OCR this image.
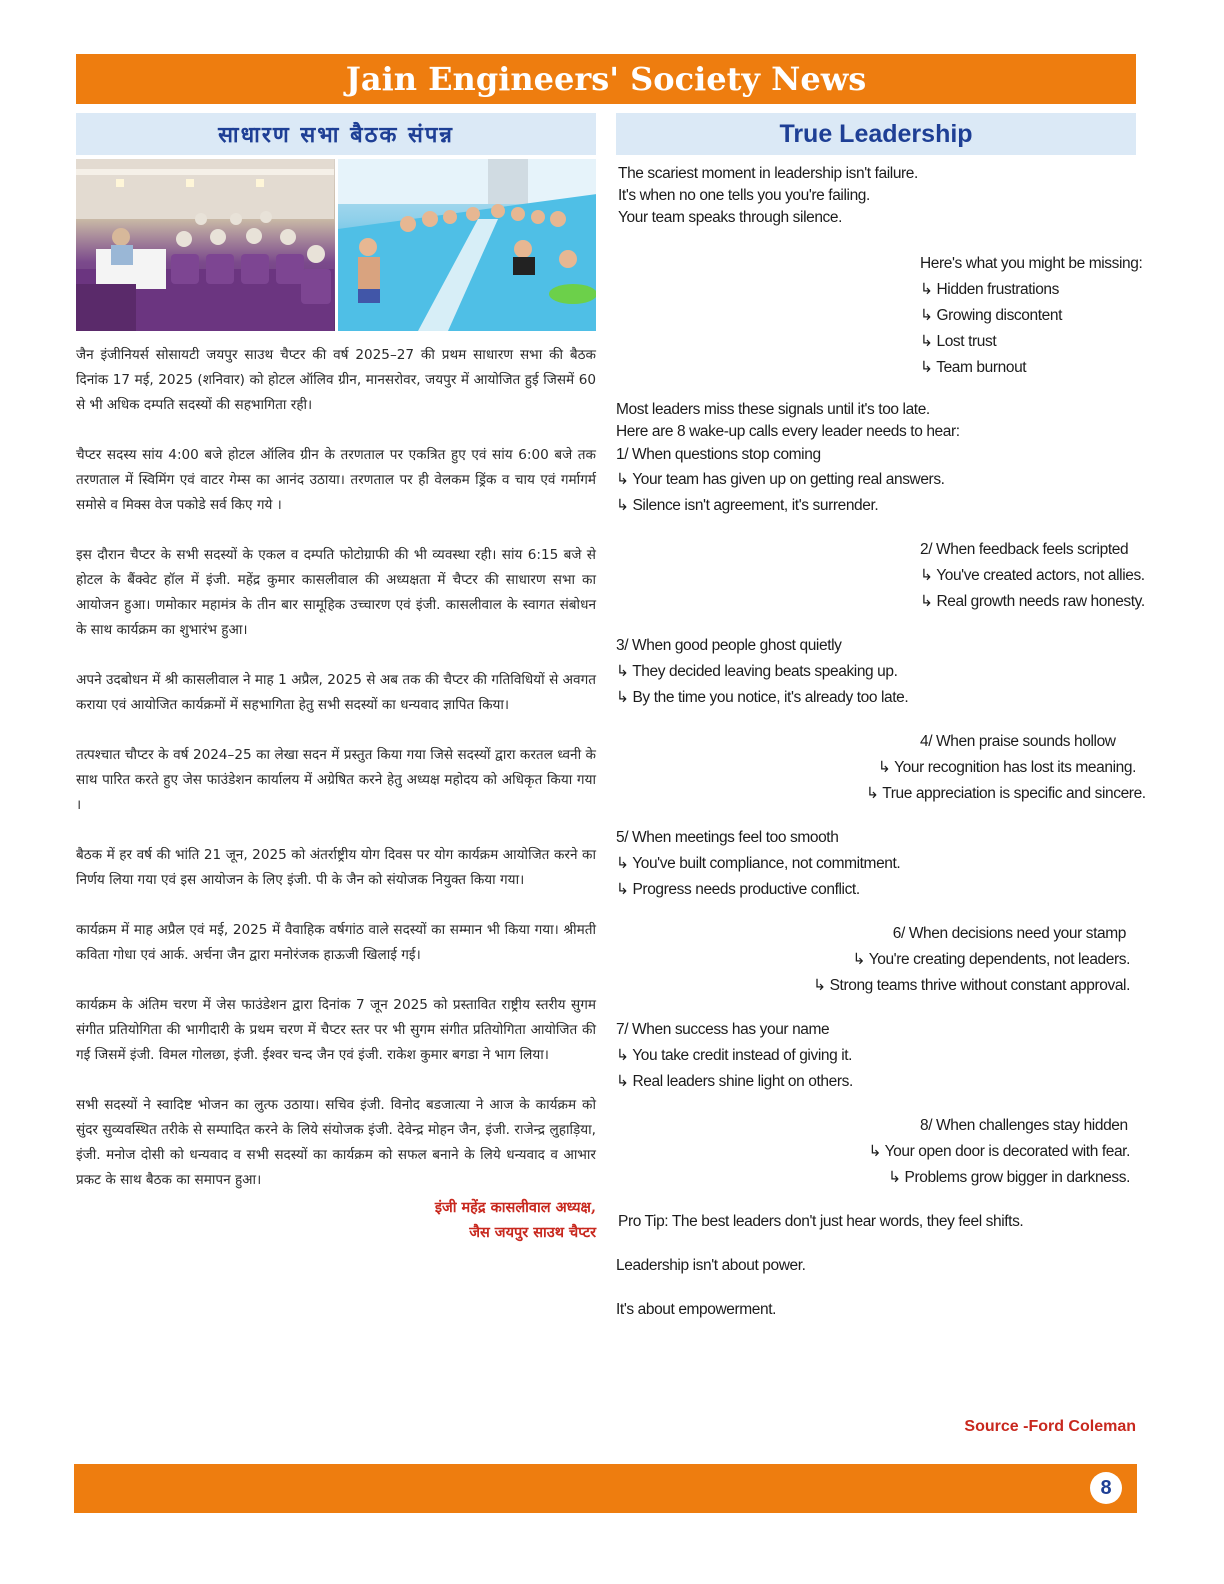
Jain Engineers' Society News
साधारण सभा बैठक संपन्न

जैन इंजीनियर्स सोसायटी जयपुर साउथ चैप्टर की वर्ष 2025–27 की प्रथम साधारण सभा की बैठक दिनांक 17 मई, 2025 (शनिवार) को होटल ऑलिव ग्रीन, मानसरोवर, जयपुर में आयोजित हुई जिसमें 60 से भी अधिक दम्पति सदस्यों की सहभागिता रही।

चैप्टर सदस्य सांय 4:00 बजे होटल ऑलिव ग्रीन के तरणताल पर एकत्रित हुए एवं सांय 6:00 बजे तक तरणताल में स्विमिंग एवं वाटर गेम्स का आनंद उठाया। तरणताल पर ही वेलकम ड्रिंक व चाय एवं गर्मागर्म समोसे व मिक्स वेज पकोडे सर्व किए गये ।

इस दौरान चैप्टर के सभी सदस्यों के एकल व दम्पति फोटोग्राफी की भी व्यवस्था रही। सांय 6:15 बजे से होटल के बैंक्वेट हॉल में इंजी. महेंद्र कुमार कासलीवाल की अध्यक्षता में चैप्टर की साधारण सभा का आयोजन हुआ। णमोकार महामंत्र के तीन बार सामूहिक उच्चारण एवं इंजी. कासलीवाल के स्वागत संबोधन के साथ कार्यक्रम का शुभारंभ हुआ।

अपने उदबोधन में श्री कासलीवाल ने माह 1 अप्रैल, 2025 से अब तक की चैप्टर की गतिविधियों से अवगत कराया एवं आयोजित कार्यक्रमों में सहभागिता हेतु सभी सदस्यों का धन्यवाद ज्ञापित किया।

तत्पश्चात चौप्टर के वर्ष 2024–25 का लेखा सदन में प्रस्तुत किया गया जिसे सदस्यों द्वारा करतल ध्वनी के साथ पारित करते हुए जेस फाउंडेशन कार्यालय में अग्रेषित करने हेतु अध्यक्ष महोदय को अधिकृत किया गया ।

बैठक में हर वर्ष की भांति 21 जून, 2025 को अंतर्राष्ट्रीय योग दिवस पर योग कार्यक्रम आयोजित करने का निर्णय लिया गया एवं इस आयोजन के लिए इंजी. पी के जैन को संयोजक नियुक्त किया गया।

कार्यक्रम में माह अप्रैल एवं मई, 2025 में वैवाहिक वर्षगांठ वाले सदस्यों का सम्मान भी किया गया। श्रीमती कविता गोधा एवं आर्क. अर्चना जैन द्वारा मनोरंजक हाऊजी खिलाई गई।

कार्यक्रम के अंतिम चरण में जेस फाउंडेशन द्वारा दिनांक 7 जून 2025 को प्रस्तावित राष्ट्रीय स्तरीय सुगम संगीत प्रतियोगिता की भागीदारी के प्रथम चरण में चैप्टर स्तर पर भी सुगम संगीत प्रतियोगिता आयोजित की गई जिसमें इंजी. विमल गोलछा, इंजी. ईश्वर चन्द जैन एवं इंजी. राकेश कुमार बगडा ने भाग लिया।

सभी सदस्यों ने स्वादिष्ट भोजन का लुत्फ उठाया। सचिव इंजी. विनोद बडजात्या ने आज के कार्यक्रम को सुंदर सुव्यवस्थित तरीके से सम्पादित करने के लिये संयोजक इंजी. देवेन्द्र मोहन जैन, इंजी. राजेन्द्र लुहाड़िया, इंजी. मनोज दोसी को धन्यवाद व सभी सदस्यों का कार्यक्रम को सफल बनाने के लिये धन्यवाद व आभार प्रकट के साथ बैठक का समापन हुआ।

इंजी महेंद्र कासलीवाल अध्यक्ष,
जैस जयपुर साउथ चैप्टर
True Leadership
The scariest moment in leadership isn't failure.
It's when no one tells you you're failing.
Your team speaks through silence.
Here's what you might be missing:
↳ Hidden frustrations
↳ Growing discontent
↳ Lost trust
↳ Team burnout
Most leaders miss these signals until it's too late.
Here are 8 wake-up calls every leader needs to hear:
1/ When questions stop coming
↳ Your team has given up on getting real answers.
↳ Silence isn't agreement, it's surrender.
2/ When feedback feels scripted
↳ You've created actors, not allies.
↳ Real growth needs raw honesty.
3/ When good people ghost quietly
↳ They decided leaving beats speaking up.
↳ By the time you notice, it's already too late.
4/ When praise sounds hollow
↳ Your recognition has lost its meaning.
↳ True appreciation is specific and sincere.
5/ When meetings feel too smooth
↳ You've built compliance, not commitment.
↳ Progress needs productive conflict.
6/ When decisions need your stamp
↳ You're creating dependents, not leaders.
↳ Strong teams thrive without constant approval.
7/ When success has your name
↳ You take credit instead of giving it.
↳ Real leaders shine light on others.
8/ When challenges stay hidden
↳ Your open door is decorated with fear.
↳ Problems grow bigger in darkness.
Pro Tip: The best leaders don't just hear words, they feel shifts.
Leadership isn't about power.
It's about empowerment.
Source -Ford Coleman
8
